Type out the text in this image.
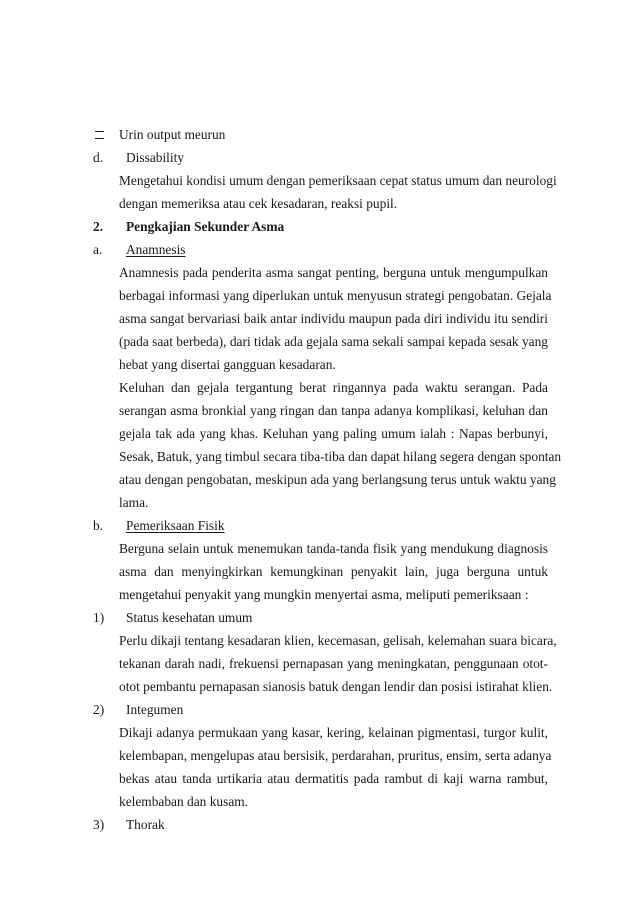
Urin output meurun
d. Dissability
Mengetahui kondisi umum dengan pemeriksaan cepat status umum dan neurologi
dengan memeriksa atau cek kesadaran, reaksi pupil.
2. Pengkajian Sekunder Asma
a. Anamnesis
Anamnesis pada penderita asma sangat penting, berguna untuk mengumpulkan
berbagai informasi yang diperlukan untuk menyusun strategi pengobatan. Gejala
asma sangat bervariasi baik antar individu maupun pada diri individu itu sendiri
(pada saat berbeda), dari tidak ada gejala sama sekali sampai kepada sesak yang
hebat yang disertai gangguan kesadaran.
Keluhan dan gejala tergantung berat ringannya pada waktu serangan. Pada
serangan asma bronkial yang ringan dan tanpa adanya komplikasi, keluhan dan
gejala tak ada yang khas. Keluhan yang paling umum ialah : Napas berbunyi,
Sesak, Batuk, yang timbul secara tiba-tiba dan dapat hilang segera dengan spontan
atau dengan pengobatan, meskipun ada yang berlangsung terus untuk waktu yang
lama.
b. Pemeriksaan Fisik
Berguna selain untuk menemukan tanda-tanda fisik yang mendukung diagnosis
asma dan menyingkirkan kemungkinan penyakit lain, juga berguna untuk
mengetahui penyakit yang mungkin menyertai asma, meliputi pemeriksaan :
1) Status kesehatan umum
Perlu dikaji tentang kesadaran klien, kecemasan, gelisah, kelemahan suara bicara,
tekanan darah nadi, frekuensi pernapasan yang meningkatan, penggunaan otot-
otot pembantu pernapasan sianosis batuk dengan lendir dan posisi istirahat klien.
2) Integumen
Dikaji adanya permukaan yang kasar, kering, kelainan pigmentasi, turgor kulit,
kelembapan, mengelupas atau bersisik, perdarahan, pruritus, ensim, serta adanya
bekas atau tanda urtikaria atau dermatitis pada rambut di kaji warna rambut,
kelembaban dan kusam.
3) Thorak
